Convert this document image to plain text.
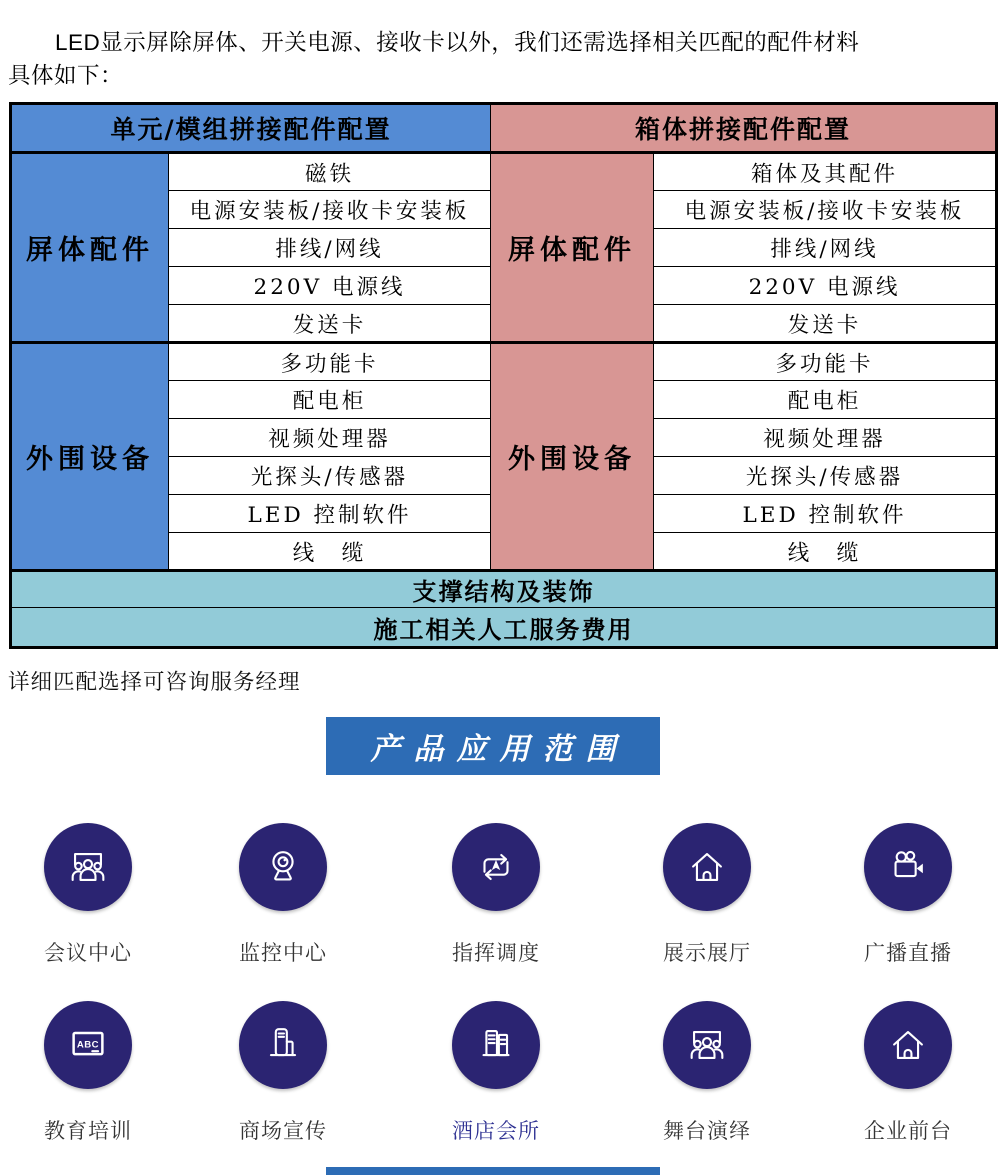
LED显示屏除屏体、开关电源、接收卡以外，我们还需选择相关匹配的配件材料
具体如下：

单元/模组拼接配件配置		箱体拼接配件配置	
屏体配件	磁铁	屏体配件	箱体及其配件
	电源安装板/接收卡安装板		电源安装板/接收卡安装板
	排线/网线		排线/网线
	220V 电源线		220V 电源线
	发送卡		发送卡
外围设备	多功能卡	外围设备	多功能卡
	配电柜		配电柜
	视频处理器		视频处理器
	光探头/传感器		光探头/传感器
	LED 控制软件		LED 控制软件
	线　缆		线　缆
支撑结构及装饰			
施工相关人工服务费用			

详细匹配选择可咨询服务经理

产品应用范围
会议中心	监控中心	指挥调度	展示展厅	广播直播
ABC
教育培训	商场宣传	酒店会所	舞台演绎	企业前台
